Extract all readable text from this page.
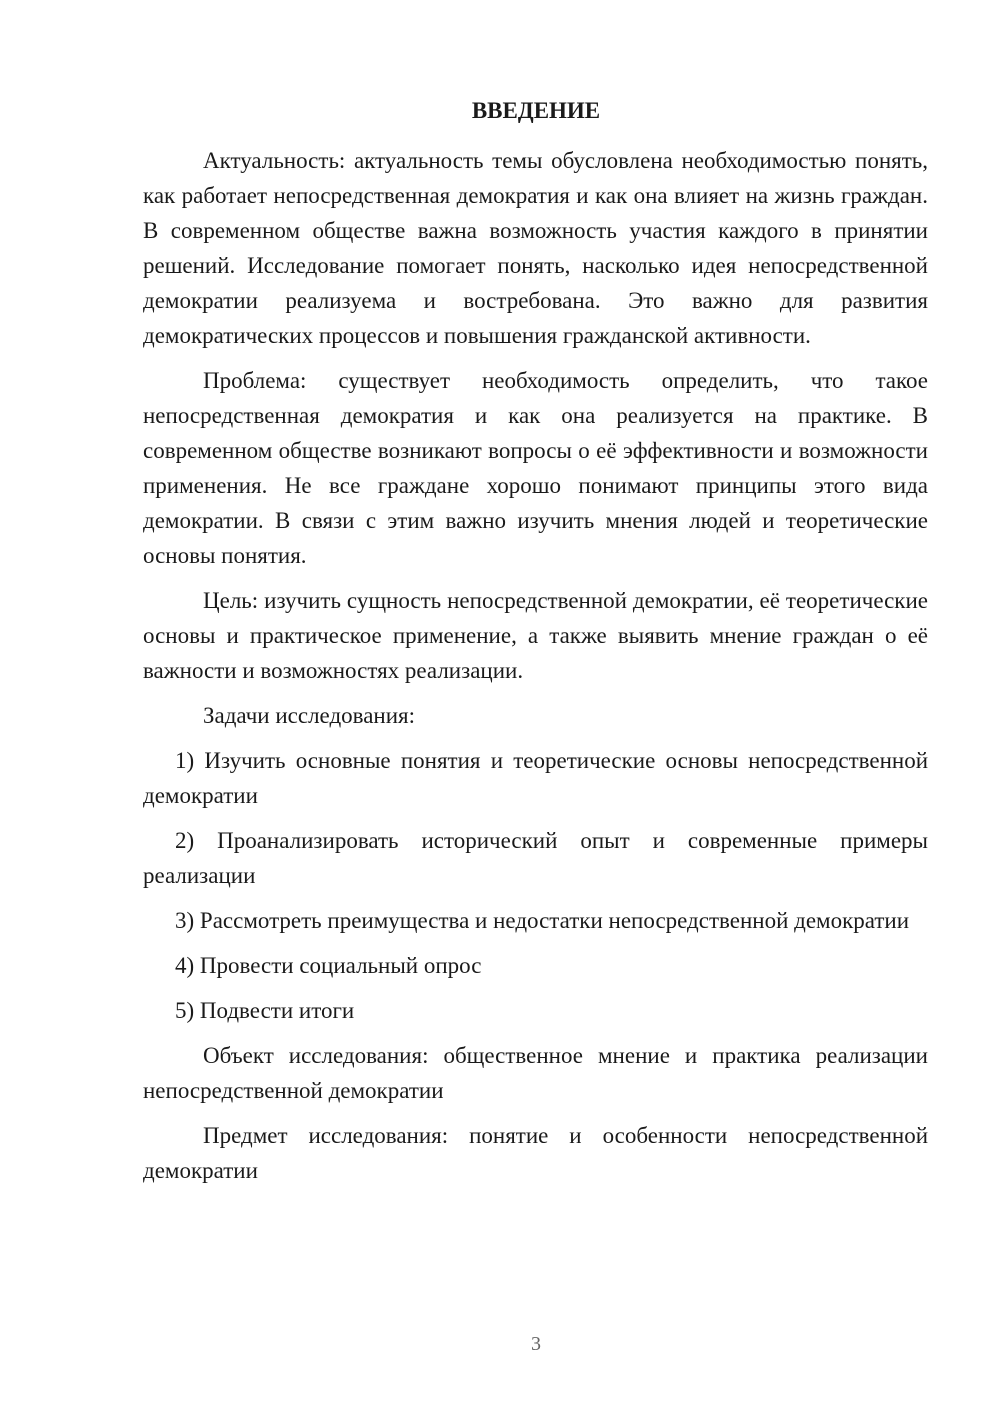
ВВЕДЕНИЕ

Актуальность: актуальность темы обусловлена необходимостью понять, как работает непосредственная демократия и как она влияет на жизнь граждан. В современном обществе важна возможность участия каждого в принятии решений. Исследование помогает понять, насколько идея непосредственной демократии реализуема и востребована. Это важно для развития демократических процессов и повышения гражданской активности.

Проблема: существует необходимость определить, что такое непосредственная демократия и как она реализуется на практике. В современном обществе возникают вопросы о её эффективности и возможности применения. Не все граждане хорошо понимают принципы этого вида демократии. В связи с этим важно изучить мнения людей и теоретические основы понятия.

Цель: изучить сущность непосредственной демократии, её теоретические основы и практическое применение, а также выявить мнение граждан о её важности и возможностях реализации.

Задачи исследования:

1) Изучить основные понятия и теоретические основы непосредственной демократии

2) Проанализировать исторический опыт и современные примеры реализации

3) Рассмотреть преимущества и недостатки непосредственной демократии

4) Провести социальный опрос

5) Подвести итоги

Объект исследования: общественное мнение и практика реализации непосредственной демократии

Предмет исследования: понятие и особенности непосредственной демократии

3
